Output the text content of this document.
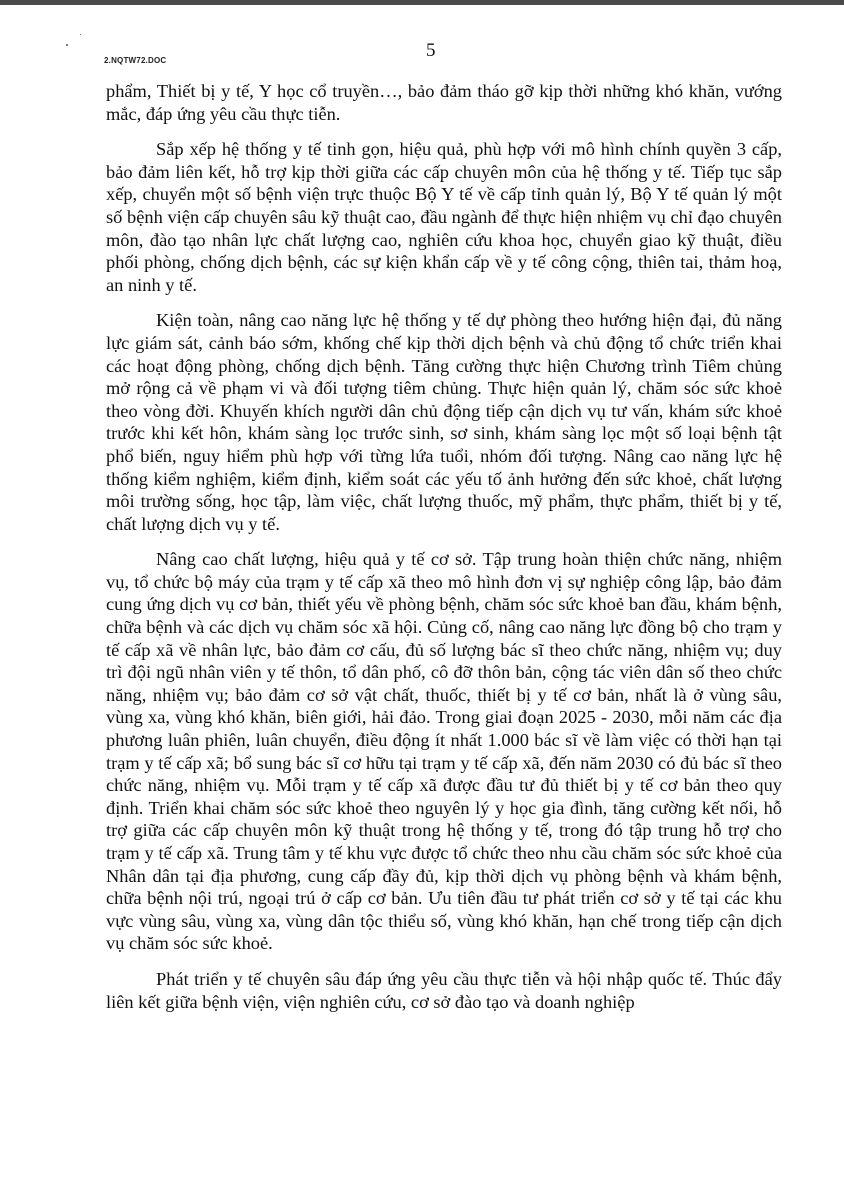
2.NQTW72.DOC	5

phẩm, Thiết bị y tế, Y học cổ truyền…, bảo đảm tháo gỡ kịp thời những khó khăn, vướng mắc, đáp ứng yêu cầu thực tiễn.

Sắp xếp hệ thống y tế tinh gọn, hiệu quả, phù hợp với mô hình chính quyền 3 cấp, bảo đảm liên kết, hỗ trợ kịp thời giữa các cấp chuyên môn của hệ thống y tế. Tiếp tục sắp xếp, chuyển một số bệnh viện trực thuộc Bộ Y tế về cấp tỉnh quản lý, Bộ Y tế quản lý một số bệnh viện cấp chuyên sâu kỹ thuật cao, đầu ngành để thực hiện nhiệm vụ chỉ đạo chuyên môn, đào tạo nhân lực chất lượng cao, nghiên cứu khoa học, chuyển giao kỹ thuật, điều phối phòng, chống dịch bệnh, các sự kiện khẩn cấp về y tế công cộng, thiên tai, thảm hoạ, an ninh y tế.

Kiện toàn, nâng cao năng lực hệ thống y tế dự phòng theo hướng hiện đại, đủ năng lực giám sát, cảnh báo sớm, khống chế kịp thời dịch bệnh và chủ động tổ chức triển khai các hoạt động phòng, chống dịch bệnh. Tăng cường thực hiện Chương trình Tiêm chủng mở rộng cả về phạm vi và đối tượng tiêm chủng. Thực hiện quản lý, chăm sóc sức khoẻ theo vòng đời. Khuyến khích người dân chủ động tiếp cận dịch vụ tư vấn, khám sức khoẻ trước khi kết hôn, khám sàng lọc trước sinh, sơ sinh, khám sàng lọc một số loại bệnh tật phổ biến, nguy hiểm phù hợp với từng lứa tuổi, nhóm đối tượng. Nâng cao năng lực hệ thống kiểm nghiệm, kiểm định, kiểm soát các yếu tố ảnh hưởng đến sức khoẻ, chất lượng môi trường sống, học tập, làm việc, chất lượng thuốc, mỹ phẩm, thực phẩm, thiết bị y tế, chất lượng dịch vụ y tế.

Nâng cao chất lượng, hiệu quả y tế cơ sở. Tập trung hoàn thiện chức năng, nhiệm vụ, tổ chức bộ máy của trạm y tế cấp xã theo mô hình đơn vị sự nghiệp công lập, bảo đảm cung ứng dịch vụ cơ bản, thiết yếu về phòng bệnh, chăm sóc sức khoẻ ban đầu, khám bệnh, chữa bệnh và các dịch vụ chăm sóc xã hội. Củng cố, nâng cao năng lực đồng bộ cho trạm y tế cấp xã về nhân lực, bảo đảm cơ cấu, đủ số lượng bác sĩ theo chức năng, nhiệm vụ; duy trì đội ngũ nhân viên y tế thôn, tổ dân phố, cô đỡ thôn bản, cộng tác viên dân số theo chức năng, nhiệm vụ; bảo đảm cơ sở vật chất, thuốc, thiết bị y tế cơ bản, nhất là ở vùng sâu, vùng xa, vùng khó khăn, biên giới, hải đảo. Trong giai đoạn 2025 - 2030, mỗi năm các địa phương luân phiên, luân chuyển, điều động ít nhất 1.000 bác sĩ về làm việc có thời hạn tại trạm y tế cấp xã; bổ sung bác sĩ cơ hữu tại trạm y tế cấp xã, đến năm 2030 có đủ bác sĩ theo chức năng, nhiệm vụ. Mỗi trạm y tế cấp xã được đầu tư đủ thiết bị y tế cơ bản theo quy định. Triển khai chăm sóc sức khoẻ theo nguyên lý y học gia đình, tăng cường kết nối, hỗ trợ giữa các cấp chuyên môn kỹ thuật trong hệ thống y tế, trong đó tập trung hỗ trợ cho trạm y tế cấp xã. Trung tâm y tế khu vực được tổ chức theo nhu cầu chăm sóc sức khoẻ của Nhân dân tại địa phương, cung cấp đầy đủ, kịp thời dịch vụ phòng bệnh và khám bệnh, chữa bệnh nội trú, ngoại trú ở cấp cơ bản. Ưu tiên đầu tư phát triển cơ sở y tế tại các khu vực vùng sâu, vùng xa, vùng dân tộc thiểu số, vùng khó khăn, hạn chế trong tiếp cận dịch vụ chăm sóc sức khoẻ.

Phát triển y tế chuyên sâu đáp ứng yêu cầu thực tiễn và hội nhập quốc tế. Thúc đẩy liên kết giữa bệnh viện, viện nghiên cứu, cơ sở đào tạo và doanh nghiệp
